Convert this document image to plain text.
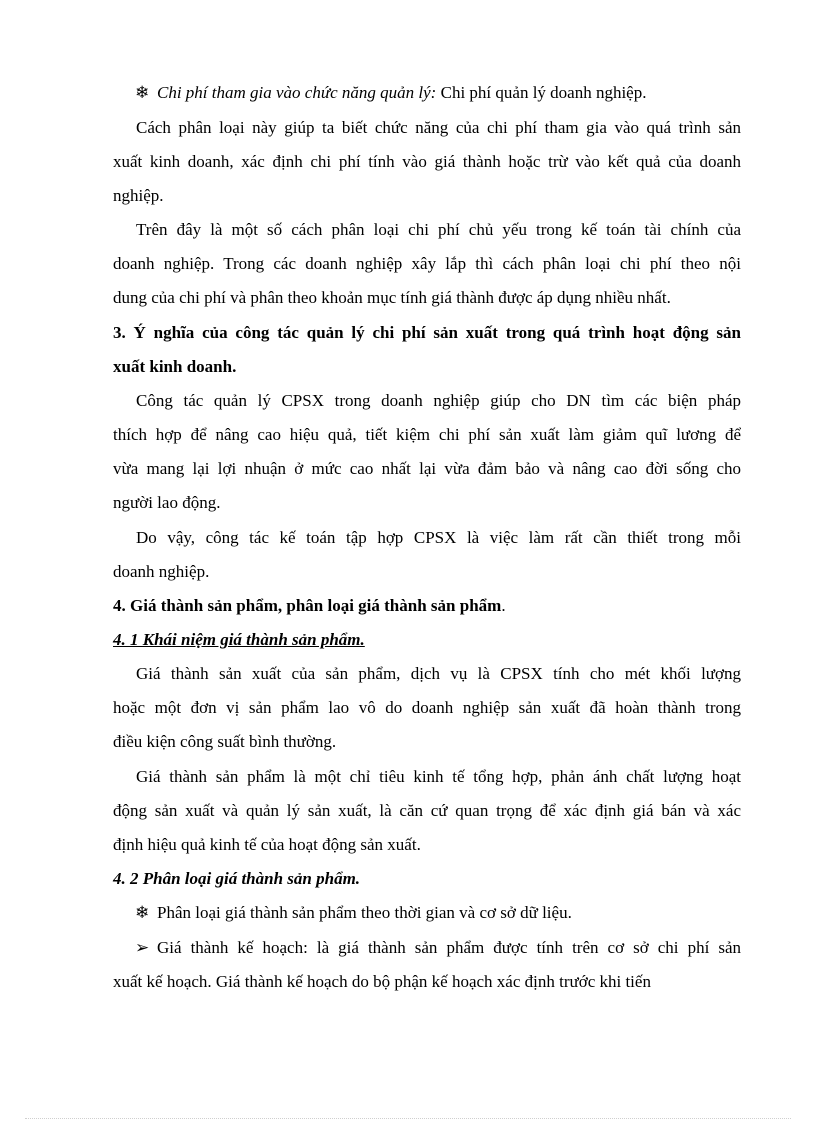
❄ Chi phí tham gia vào chức năng quản lý: Chi phí quản lý doanh nghiệp.
Cách phân loại này giúp ta biết chức năng của chi phí tham gia vào quá trình sản
xuất kinh doanh, xác định chi phí tính vào giá thành hoặc trừ vào kết quả của doanh
nghiệp.
Trên đây là một số cách phân loại chi phí chủ yếu trong kế toán tài chính của
doanh nghiệp. Trong các doanh nghiệp xây lắp thì cách phân loại chi phí theo nội
dung của chi phí và phân theo khoản mục tính giá thành được áp dụng nhiều nhất.
3. Ý nghĩa của công tác quản lý chi phí sản xuất trong quá trình hoạt động sản
xuất kinh doanh.
Công tác quản lý CPSX trong doanh nghiệp giúp cho DN tìm các biện pháp
thích hợp để nâng cao hiệu quả, tiết kiệm chi phí sản xuất làm giảm quĩ lương để
vừa mang lại lợi nhuận ở mức cao nhất lại vừa đảm bảo và nâng cao đời sống cho
người lao động.
Do vậy, công tác kế toán tập hợp CPSX là việc làm rất cần thiết trong mỗi
doanh nghiệp.
4. Giá thành sản phẩm, phân loại giá thành sản phẩm.
4. 1 Khái niệm giá thành sản phẩm.
Giá thành sản xuất của sản phẩm, dịch vụ là CPSX tính cho mét khối lượng
hoặc một đơn vị sản phẩm lao vô do doanh nghiệp sản xuất đã hoàn thành trong
điều kiện công suất bình thường.
Giá thành sản phẩm là một chỉ tiêu kinh tế tổng hợp, phản ánh chất lượng hoạt
động sản xuất và quản lý sản xuất, là căn cứ quan trọng để xác định giá bán và xác
định hiệu quả kinh tế của hoạt động sản xuất.
4. 2 Phân loại giá thành sản phẩm.
❄ Phân loại giá thành sản phẩm theo thời gian và cơ sở dữ liệu.
➢ Giá thành kế hoạch: là giá thành sản phẩm được tính trên cơ sở chi phí sản
xuất kế hoạch. Giá thành kế hoạch do bộ phận kế hoạch xác định trước khi tiến
